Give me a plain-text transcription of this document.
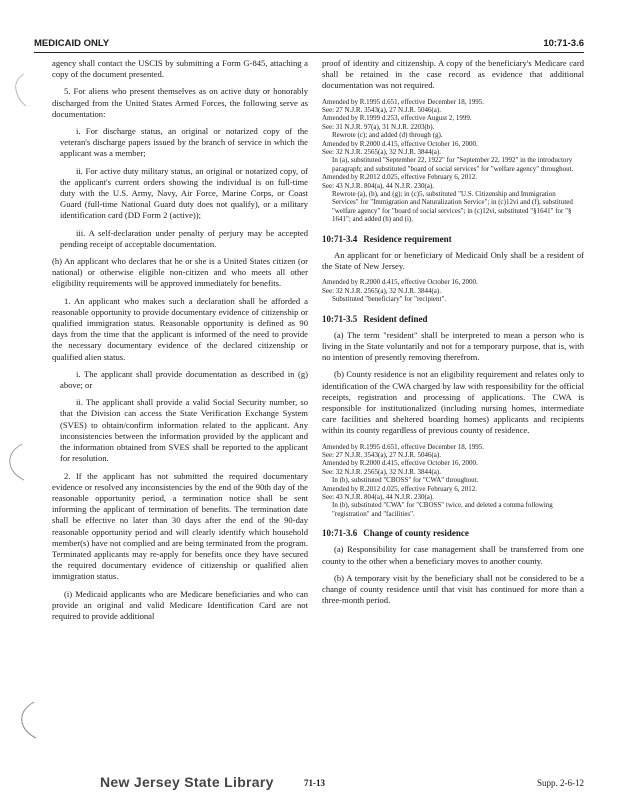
MEDICAID ONLY	10:71-3.6

agency shall contact the USCIS by submitting a Form G-845, attaching a copy of the document presented.

5. For aliens who present themselves as on active duty or honorably discharged from the United States Armed Forces, the following serve as documentation:

i. For discharge status, an original or notarized copy of the veteran's discharge papers issued by the branch of service in which the applicant was a member;

ii. For active duty military status, an original or notarized copy, of the applicant's current orders showing the individual is on full-time duty with the U.S. Army, Navy, Air Force, Marine Corps, or Coast Guard (full-time National Guard duty does not qualify), or a military identification card (DD Form 2 (active));

iii. A self-declaration under penalty of perjury may be accepted pending receipt of acceptable documentation.

(h) An applicant who declares that he or she is a United States citizen (or national) or otherwise eligible non-citizen and who meets all other eligibility requirements will be approved immediately for benefits.

1. An applicant who makes such a declaration shall be afforded a reasonable opportunity to provide documentary evidence of citizenship or qualified immigration status. Reasonable opportunity is defined as 90 days from the time that the applicant is informed of the need to provide the necessary documentary evidence of the declared citizenship or qualified alien status.

i. The applicant shall provide documentation as described in (g) above; or

ii. The applicant shall provide a valid Social Security number, so that the Division can access the State Verification Exchange System (SVES) to obtain/confirm information related to the applicant. Any inconsistencies between the information provided by the applicant and the information obtained from SVES shall be reported to the applicant for resolution.

2. If the applicant has not submitted the required documentary evidence or resolved any inconsistencies by the end of the 90th day of the reasonable opportunity period, a termination notice shall be sent informing the applicant of termination of benefits. The termination date shall be effective no later than 30 days after the end of the 90-day reasonable opportunity period and will clearly identify which household member(s) have not complied and are being terminated from the program. Terminated applicants may re-apply for benefits once they have secured the required documentary evidence of citizenship or qualified alien immigration status.

(i) Medicaid applicants who are Medicare beneficiaries and who can provide an original and valid Medicare Identification Card are not required to provide additional

proof of identity and citizenship. A copy of the beneficiary's Medicare card shall be retained in the case record as evidence that additional documentation was not required.

Amended by R.1995 d.651, effective December 18, 1995.
See: 27 N.J.R. 3543(a), 27 N.J.R. 5046(a).
Amended by R.1999 d.253, effective August 2, 1999.
See: 31 N.J.R. 97(a), 31 N.J.R. 2203(b).
Rewrote (c); and added (d) through (g).
Amended by R.2000 d.415, effective October 16, 2000.
See: 32 N.J.R. 2565(a), 32 N.J.R. 3844(a).
In (a), substituted "September 22, 1922" for "September 22, 1992" in the introductory paragraph; and substituted "board of social services" for "welfare agency" throughout.
Amended by R.2012 d.025, effective February 6, 2012.
See: 43 N.J.R. 804(a), 44 N.J.R. 230(a).
Rewrote (a), (b), and (g); in (c)5, substituted "U.S. Citizenship and Immigration Services" for "Immigration and Naturalization Service"; in (c)12vi and (f), substituted "welfare agency" for "board of social services"; in (c)12vi, substituted "§1641" for "§ 1641"; and added (h) and (i).
10:71-3.4 Residence requirement

An applicant for or beneficiary of Medicaid Only shall be a resident of the State of New Jersey.

Amended by R.2000 d.415, effective October 16, 2000.
See: 32 N.J.R. 2565(a), 32 N.J.R. 3844(a).
Substituted "beneficiary" for "recipient".
10:71-3.5 Resident defined

(a) The term "resident" shall be interpreted to mean a person who is living in the State voluntarily and not for a temporary purpose, that is, with no intention of presently removing therefrom.

(b) County residence is not an eligibility requirement and relates only to identification of the CWA charged by law with responsibility for the official receipts, registration and processing of applications. The CWA is responsible for institutionalized (including nursing homes, intermediate care facilities and sheltered boarding homes) applicants and recipients within its county regardless of previous county of residence.

Amended by R.1995 d.651, effective December 18, 1995.
See: 27 N.J.R. 3543(a), 27 N.J.R. 5046(a).
Amended by R.2000 d.415, effective October 16, 2000.
See: 32 N.J.R. 2565(a), 32 N.J.R. 3844(a).
In (b), substituted "CBOSS" for "CWA" throughout.
Amended by R.2012 d.025, effective February 6, 2012.
See: 43 N.J.R. 804(a), 44 N.J.R. 230(a).
In (b), substituted "CWA" for "CBOSS" twice, and deleted a comma following "registration" and "facilities".
10:71-3.6 Change of county residence

(a) Responsibility for case management shall be transferred from one county to the other when a beneficiary moves to another county.

(b) A temporary visit by the beneficiary shall not be considered to be a change of county residence until that visit has continued for more than a three-month period.

New Jersey State Library	71-13	Supp. 2-6-12
